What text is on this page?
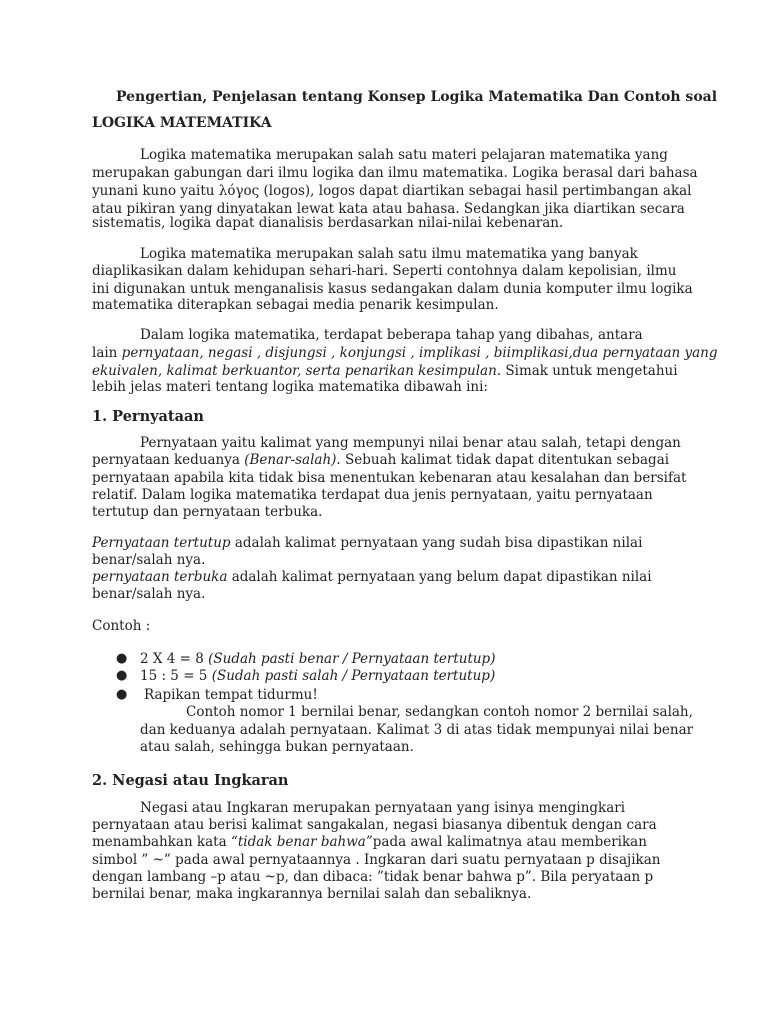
Pengertian, Penjelasan tentang Konsep Logika Matematika Dan Contoh soal
LOGIKA MATEMATIKA
Logika matematika merupakan salah satu materi pelajaran matematika yang
merupakan gabungan dari ilmu logika dan ilmu matematika. Logika berasal dari bahasa
yunani kuno yaitu λόγος (logos), logos dapat diartikan sebagai hasil pertimbangan akal
atau pikiran yang dinyatakan lewat kata atau bahasa. Sedangkan jika diartikan secara
sistematis, logika dapat dianalisis berdasarkan nilai-nilai kebenaran.
Logika matematika merupakan salah satu ilmu matematika yang banyak
diaplikasikan dalam kehidupan sehari-hari. Seperti contohnya dalam kepolisian, ilmu
ini digunakan untuk menganalisis kasus sedangakan dalam dunia komputer ilmu logika
matematika diterapkan sebagai media penarik kesimpulan.
Dalam logika matematika, terdapat beberapa tahap yang dibahas, antara
lain pernyataan, negasi , disjungsi , konjungsi , implikasi , biimplikasi,dua pernyataan yang
ekuivalen, kalimat berkuantor, serta penarikan kesimpulan. Simak untuk mengetahui
lebih jelas materi tentang logika matematika dibawah ini:
1. Pernyataan
Pernyataan yaitu kalimat yang mempunyi nilai benar atau salah, tetapi dengan
pernyataan keduanya (Benar-salah). Sebuah kalimat tidak dapat ditentukan sebagai
pernyataan apabila kita tidak bisa menentukan kebenaran atau kesalahan dan bersifat
relatif. Dalam logika matematika terdapat dua jenis pernyataan, yaitu pernyataan
tertutup dan pernyataan terbuka.
Pernyataan tertutup adalah kalimat pernyataan yang sudah bisa dipastikan nilai
benar/salah nya.
pernyataan terbuka adalah kalimat pernyataan yang belum dapat dipastikan nilai
benar/salah nya.
Contoh :
● 2 X 4 = 8 (Sudah pasti benar / Pernyataan tertutup)
● 15 : 5 = 5 (Sudah pasti salah / Pernyataan tertutup)
● Rapikan tempat tidurmu!
Contoh nomor 1 bernilai benar, sedangkan contoh nomor 2 bernilai salah,
dan keduanya adalah pernyataan. Kalimat 3 di atas tidak mempunyai nilai benar
atau salah, sehingga bukan pernyataan.
2. Negasi atau Ingkaran
Negasi atau Ingkaran merupakan pernyataan yang isinya mengingkari
pernyataan atau berisi kalimat sangakalan, negasi biasanya dibentuk dengan cara
menambahkan kata “tidak benar bahwa”pada awal kalimatnya atau memberikan
simbol ” ~” pada awal pernyataannya . Ingkaran dari suatu pernyataan p disajikan
dengan lambang –p atau ~p, dan dibaca: ”tidak benar bahwa p”. Bila peryataan p
bernilai benar, maka ingkarannya bernilai salah dan sebaliknya.
